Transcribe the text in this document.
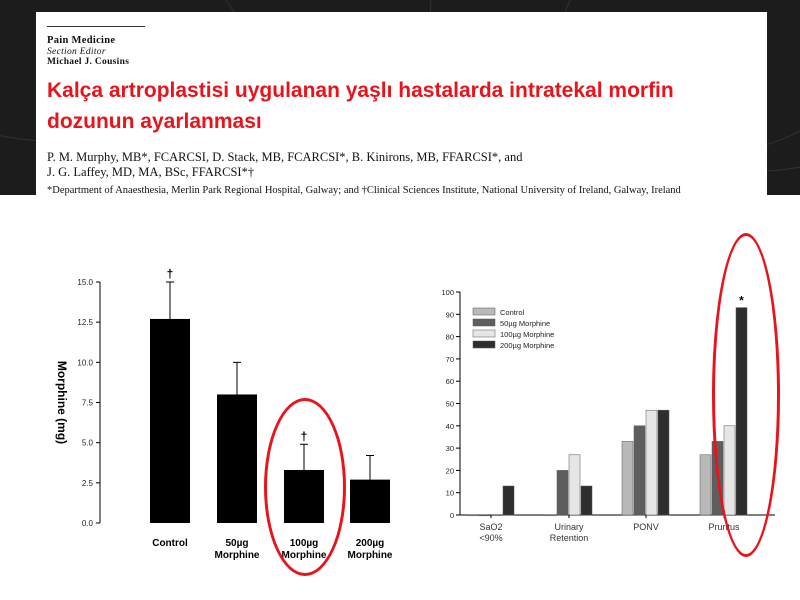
Pain Medicine
Section Editor
Michael J. Cousins
Kalça artroplastisi uygulanan yaşlı hastalarda intratekal morfin dozunun ayarlanması
P. M. Murphy, MB*, FCARCSI, D. Stack, MB, FCARCSI*, B. Kinirons, MB, FFARCSI*, and
J. G. Laffey, MD, MA, BSc, FFARCSI*†
*Department of Anaesthesia, Merlin Park Regional Hospital, Galway; and †Clinical Sciences Institute, National University of Ireland, Galway, Ireland
0.0
2.5
5.0
7.5
10.0
12.5
15.0
Morphine (mg)
†
Control	50µg
Morphine
†
100µg
Morphine
200µg
Morphine
0
10
20
30
40
50
60
70
80
90
100
SaO2
<90%
Urinary
Retention
PONV	Pruritus
*
Control
50µg Morphine
100µg Morphine
200µg Morphine
